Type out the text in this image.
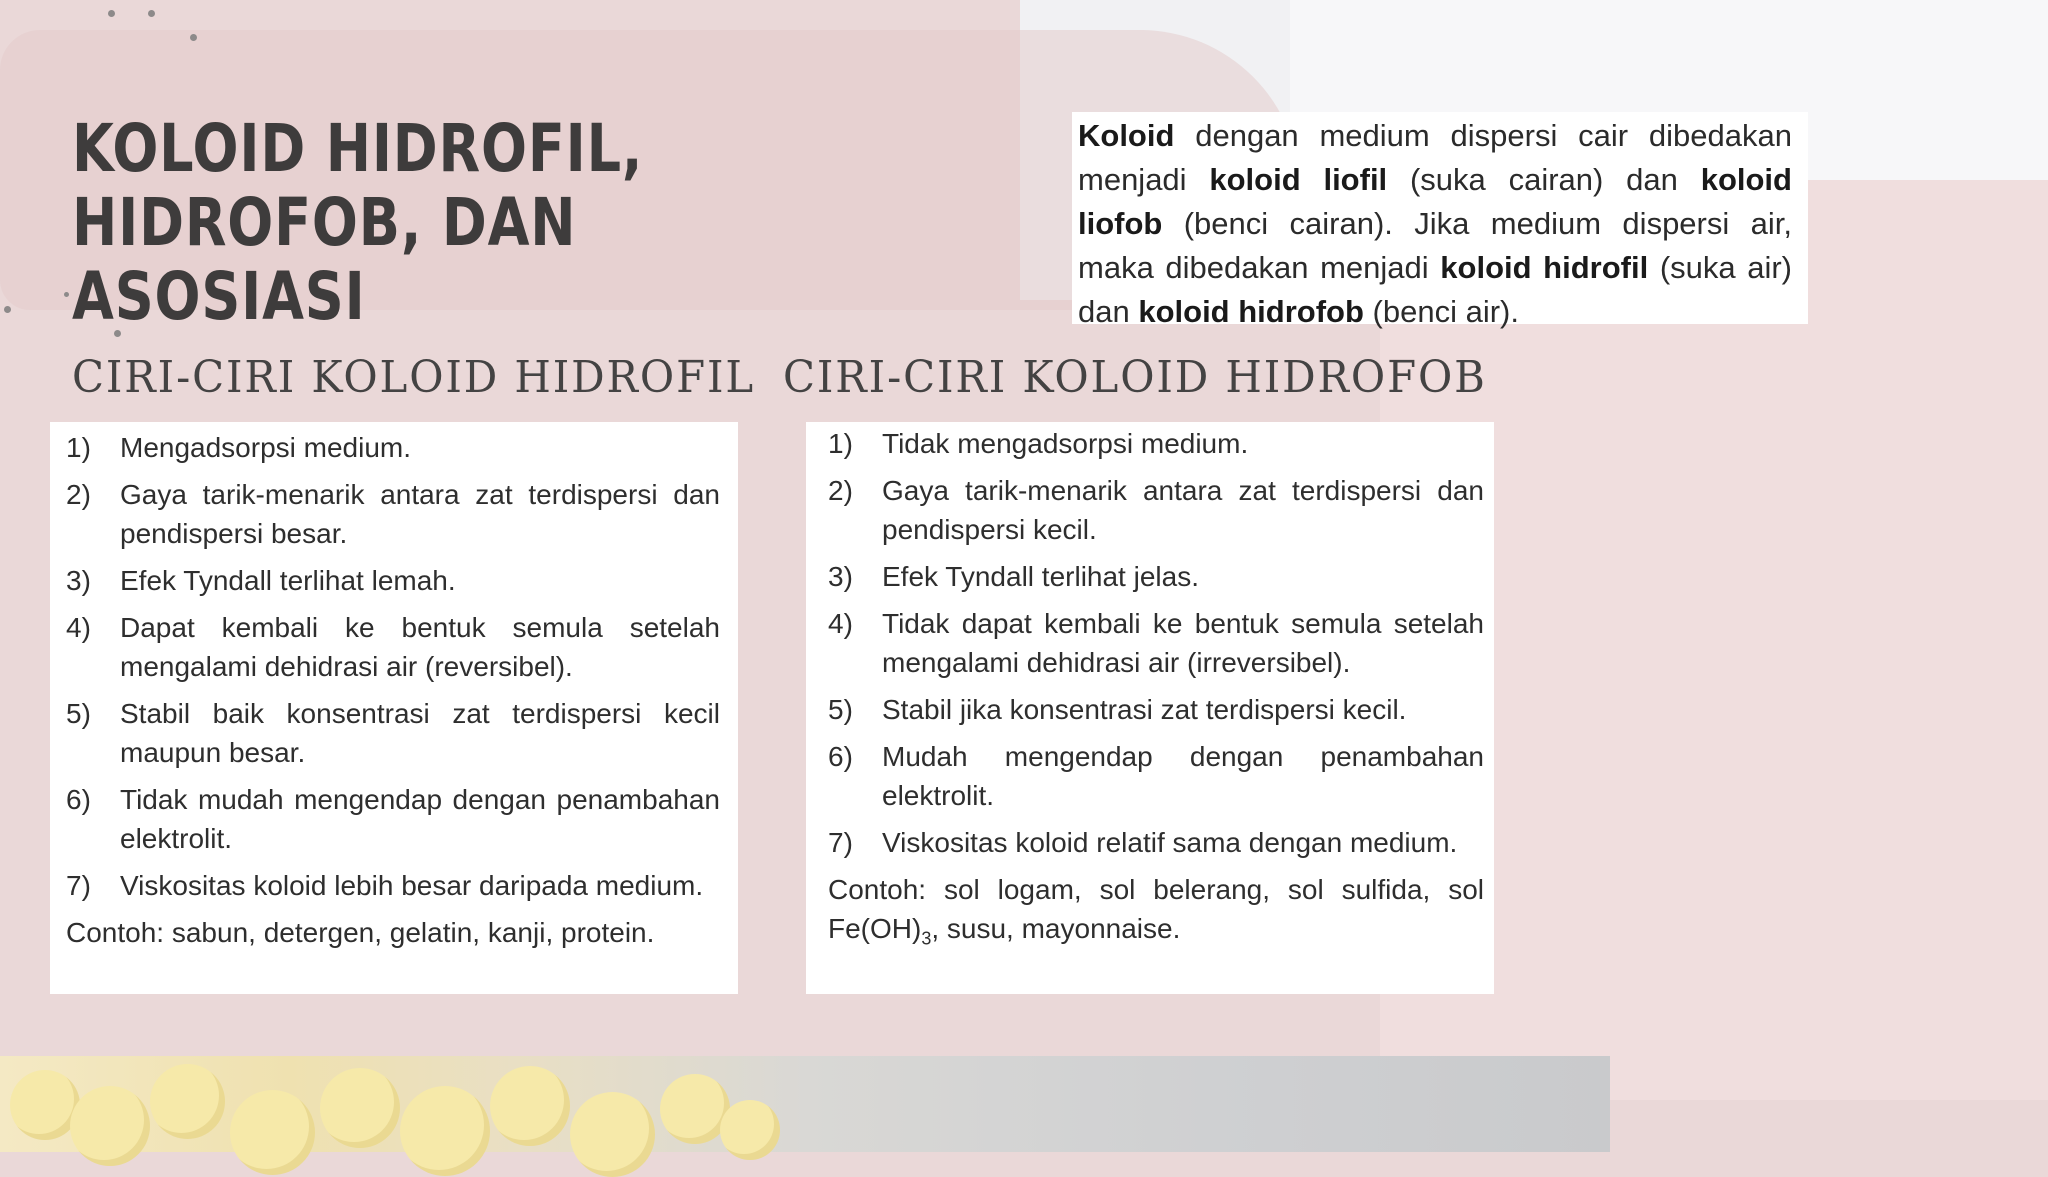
KOLOID HIDROFIL, HIDROFOB, DAN ASOSIASI
Koloid dengan medium dispersi cair dibedakan menjadi koloid liofil (suka cairan) dan koloid liofob (benci cairan). Jika medium dispersi air, maka dibedakan menjadi koloid hidrofil (suka air) dan koloid hidrofob (benci air).
CIRI-CIRI KOLOID HIDROFIL CIRI-CIRI KOLOID HIDROFOB
1)	Mengadsorpsi medium.
2)	Gaya tarik-menarik antara zat terdispersi dan pendispersi besar.
3)	Efek Tyndall terlihat lemah.
4)	Dapat kembali ke bentuk semula setelah mengalami dehidrasi air (reversibel).
5)	Stabil baik konsentrasi zat terdispersi kecil maupun besar.
6)	Tidak mudah mengendap dengan penambahan elektrolit.
7)	Viskositas koloid lebih besar daripada medium.
Contoh: sabun, detergen, gelatin, kanji, protein.
1)	Tidak mengadsorpsi medium.
2)	Gaya tarik-menarik antara zat terdispersi dan pendispersi kecil.
3)	Efek Tyndall terlihat jelas.
4)	Tidak dapat kembali ke bentuk semula setelah mengalami dehidrasi air (irreversibel).
5)	Stabil jika konsentrasi zat terdispersi kecil.
6)	Mudah mengendap dengan penambahan elektrolit.
7)	Viskositas koloid relatif sama dengan medium.
Contoh: sol logam, sol belerang, sol sulfida, sol $Fe(OH)_3$, susu, mayonnaise.
